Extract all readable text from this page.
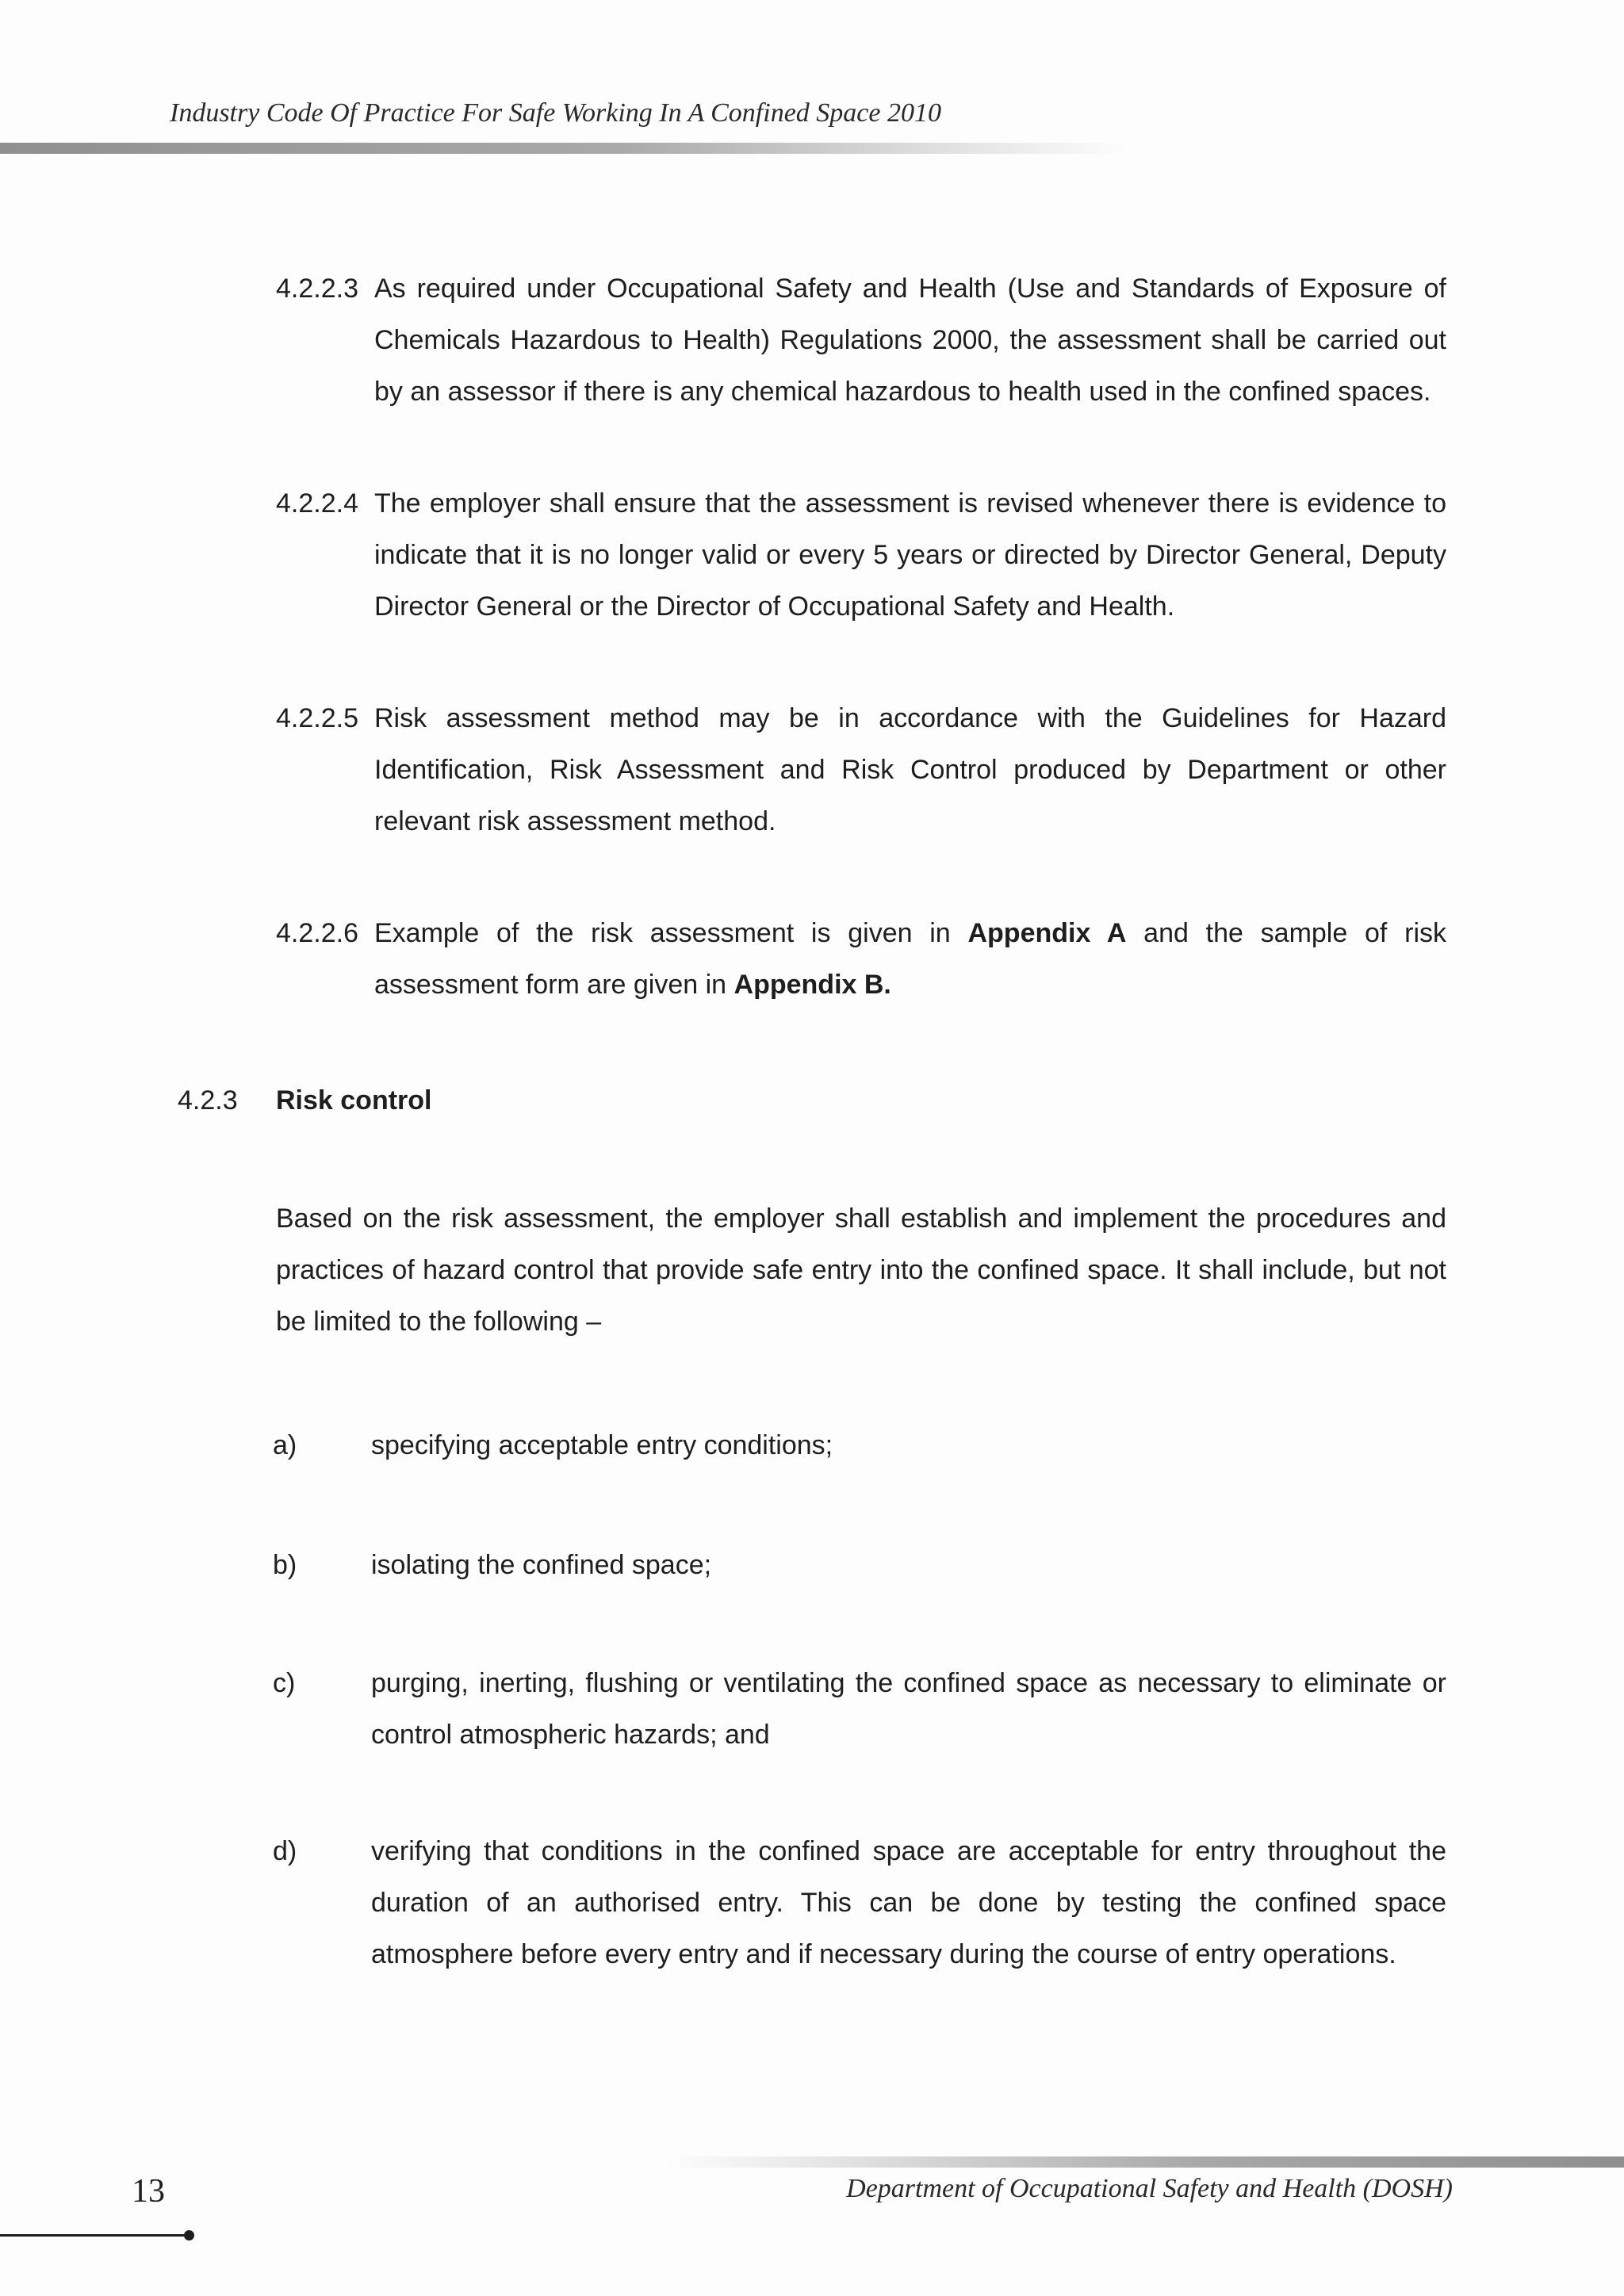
Industry Code Of Practice For Safe Working In A Confined Space 2010
4.2.2.3 As required under Occupational Safety and Health (Use and Standards of Exposure of Chemicals Hazardous to Health) Regulations 2000, the assessment shall be carried out by an assessor if there is any chemical hazardous to health used in the confined spaces.
4.2.2.4 The employer shall ensure that the assessment is revised whenever there is evidence to indicate that it is no longer valid or every 5 years or directed by Director General, Deputy Director General or the Director of Occupational Safety and Health.
4.2.2.5 Risk assessment method may be in accordance with the Guidelines for Hazard Identification, Risk Assessment and Risk Control produced by Department or other relevant risk assessment method.
4.2.2.6 Example of the risk assessment is given in Appendix A and the sample of risk assessment form are given in Appendix B.
4.2.3 Risk control
Based on the risk assessment, the employer shall establish and implement the procedures and practices of hazard control that provide safe entry into the confined space. It shall include, but not be limited to the following –
a)	specifying acceptable entry conditions;
b)	isolating the confined space;
c)	purging, inerting, flushing or ventilating the confined space as necessary to eliminate or control atmospheric hazards; and
d)	verifying that conditions in the confined space are acceptable for entry throughout the duration of an authorised entry. This can be done by testing the confined space atmosphere before every entry and if necessary during the course of entry operations.
Department of Occupational Safety and Health (DOSH)
13
